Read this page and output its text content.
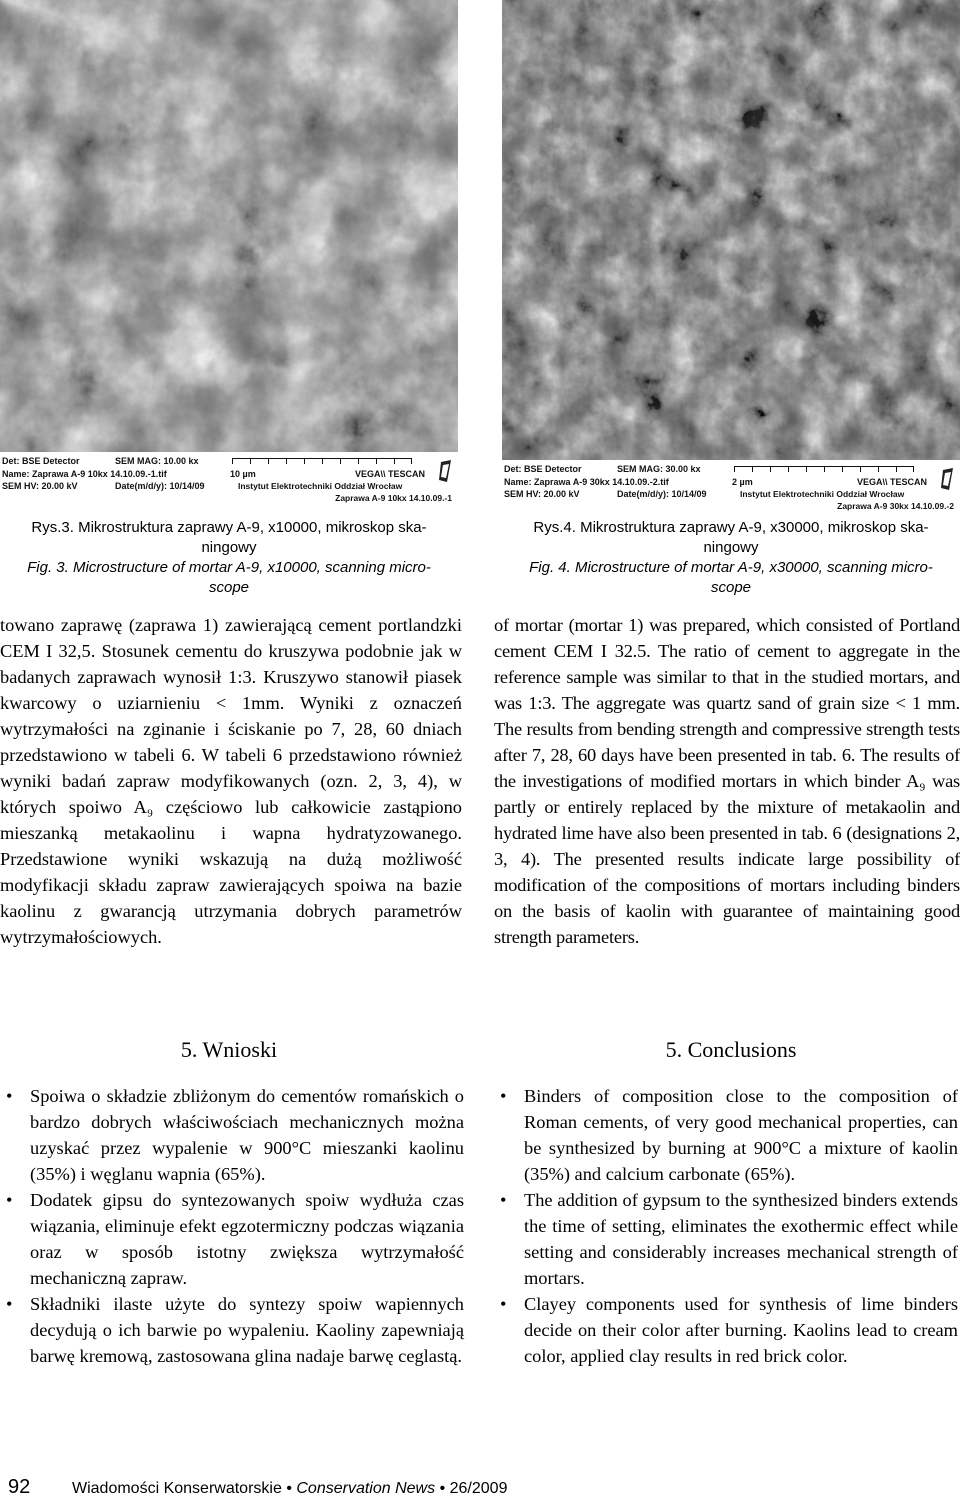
Det: BSE Detector
Name: Zaprawa A-9 10kx 14.10.09.-1.tif
SEM HV: 20.00 kV
SEM MAG: 10.00 kx
Date(m/d/y): 10/14/09
10 µm	VEGA\\ TESCAN
Instytut Elektrotechniki Oddział Wrocław
Zaprawa A-9 10kx 14.10.09.-1
Rys.3. Mikrostruktura zaprawy A-9, x10000, mikroskop ska-
ningowy
Fig. 3. Microstructure of mortar A-9, x10000, scanning micro-
scope
Det: BSE Detector
Name: Zaprawa A-9 30kx 14.10.09.-2.tif
SEM HV: 20.00 kV
SEM MAG: 30.00 kx
Date(m/d/y): 10/14/09
2 µm	VEGA\\ TESCAN
Instytut Elektrotechniki Oddział Wrocław
Zaprawa A-9 30kx 14.10.09.-2
Rys.4. Mikrostruktura zaprawy A-9, x30000, mikroskop ska-
ningowy
Fig. 4. Microstructure of mortar A-9, x30000, scanning micro-
scope
towano zaprawę (zaprawa 1) zawierającą cement portlandzki CEM I 32,5. Stosunek cementu do kruszywa podobnie jak w badanych zaprawach wynosił 1:3. Kruszywo stanowił piasek kwarcowy o uziarnieniu < 1mm. Wyniki z oznaczeń wytrzymałości na zginanie i ściskanie po 7, 28, 60 dniach przedstawiono w tabeli 6. W tabeli 6 przedstawiono również wyniki badań zapraw modyfikowanych (ozn. 2, 3, 4), w których spoiwo A₉ częściowo lub całkowicie zastąpiono mieszanką metakaolinu i wapna hydratyzowanego. Przedstawione wyniki wskazują na dużą możliwość modyfikacji składu zapraw zawierających spoiwa na bazie kaolinu z gwarancją utrzymania dobrych parametrów wytrzymałościowych.
of mortar (mortar 1) was prepared, which consisted of Portland cement CEM I 32.5. The ratio of cement to aggregate in the reference sample was similar to that in the studied mortars, and was 1:3. The aggregate was quartz sand of grain size < 1 mm. The results from bending strength and compressive strength tests after 7, 28, 60 days have been presented in tab. 6. The results of the investigations of modified mortars in which binder A₉ was partly or entirely replaced by the mixture of metakaolin and hydrated lime have also been presented in tab. 6 (designations 2, 3, 4). The presented results indicate large possibility of modification of the compositions of mortars including binders on the basis of kaolin with guarantee of maintaining good strength parameters.
5. Wnioski	5. Conclusions
• Spoiwa o składzie zbliżonym do cementów romańskich o bardzo dobrych właściwościach mechanicznych można uzyskać przez wypalenie w 900°C mieszanki kaolinu (35%) i węglanu wapnia (65%).
• Dodatek gipsu do syntezowanych spoiw wydłuża czas wiązania, eliminuje efekt egzotermiczny podczas wiązania oraz w sposób istotny zwiększa wytrzymałość mechaniczną zapraw.
• Składniki ilaste użyte do syntezy spoiw wapiennych decydują o ich barwie po wypaleniu. Kaoliny zapewniają barwę kremową, zastosowana glina nadaje barwę ceglastą.
• Binders of composition close to the composition of Roman cements, of very good mechanical properties, can be synthesized by burning at 900°C a mixture of kaolin (35%) and calcium carbonate (65%).
• The addition of gypsum to the synthesized binders extends the time of setting, eliminates the exothermic effect while setting and considerably increases mechanical strength of mortars.
• Clayey components used for synthesis of lime binders decide on their color after burning. Kaolins lead to cream color, applied clay results in red brick color.
92	Wiadomości Konserwatorskie • Conservation News • 26/2009
